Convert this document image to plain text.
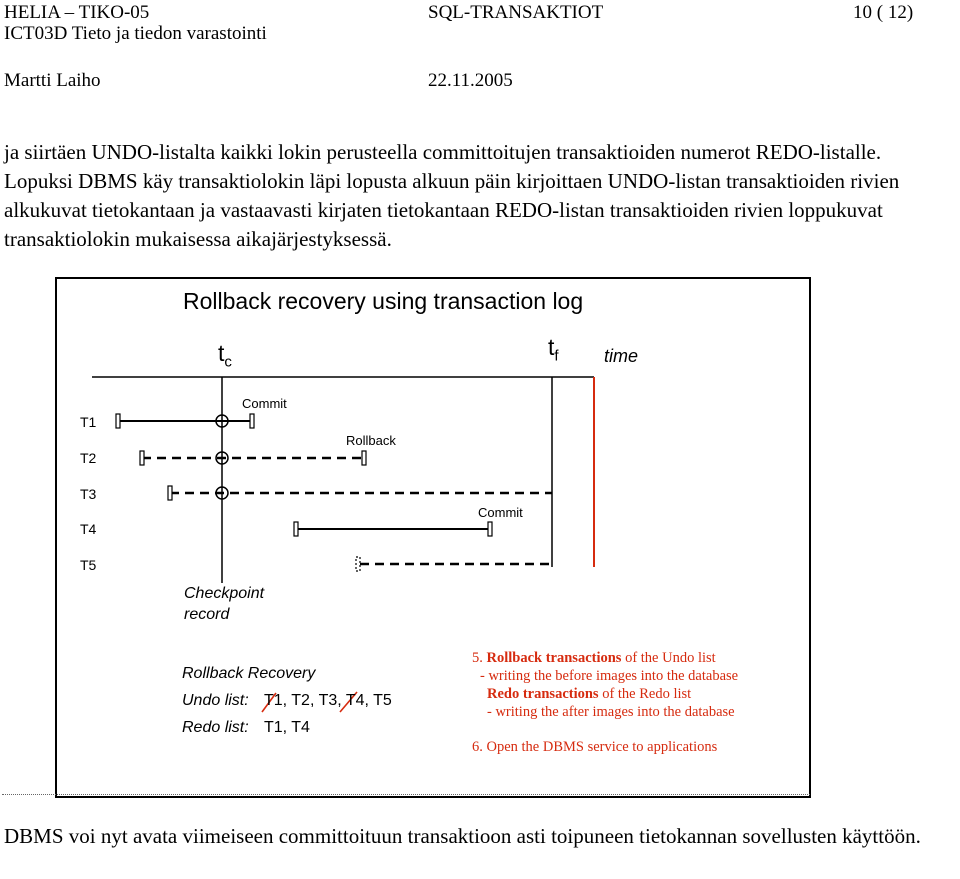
HELIA – TIKO-05	SQL-TRANSAKTIOT	10 ( 12)
ICT03D Tieto ja tiedon varastointi
Martti Laiho	22.11.2005
ja siirtäen UNDO-listalta kaikki lokin perusteella committoitujen transaktioiden numerot REDO-listalle. Lopuksi DBMS käy transaktiolokin läpi lopusta alkuun päin kirjoittaen UNDO-listan transaktioiden rivien alkukuvat tietokantaan ja vastaavasti kirjaten tietokantaan REDO-listan transaktioiden rivien loppukuvat transaktiolokin mukaisessa aikajärjestyksessä.
Rollback recovery using transaction log
$t_c$
$t_f$	time
T1
T2
T3
T4
T5
Commit
Rollback
Commit
Checkpoint
record
Rollback Recovery
Undo list: T1, T2, T3, T4, T5
Redo list: T1, T4
5. Rollback transactions of the Undo list
- writing the before images into the database
Redo transactions of the Redo list
- writing the after images into the database
6. Open the DBMS service to applications
DBMS voi nyt avata viimeiseen committoituun transaktioon asti toipuneen tietokannan sovellusten käyttöön.
